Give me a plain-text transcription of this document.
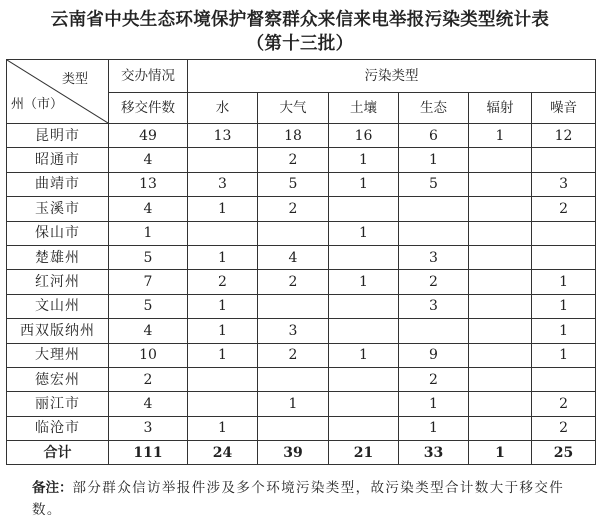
云南省中央生态环境保护督察群众来信来电举报污染类型统计表
（第十三批）
类型
州（市）	交办情况	污染类型					
	移交件数	水	大气	土壤	生态	辐射	噪音
昆明市	49	13	18	16	6	1	12
昭通市	4		2	1	1		
曲靖市	13	3	5	1	5		3
玉溪市	4	1	2				2
保山市	1			1			
楚雄州	5	1	4		3		
红河州	7	2	2	1	2		1
文山州	5	1			3		1
西双版纳州	4	1	3				1
大理州	10	1	2	1	9		1
德宏州	2				2		
丽江市	4		1		1		2
临沧市	3	1			1		2
合计	111	24	39	21	33	1	25
备注：部分群众信访举报件涉及多个环境污染类型，故污染类型合计数大于移交件数。
